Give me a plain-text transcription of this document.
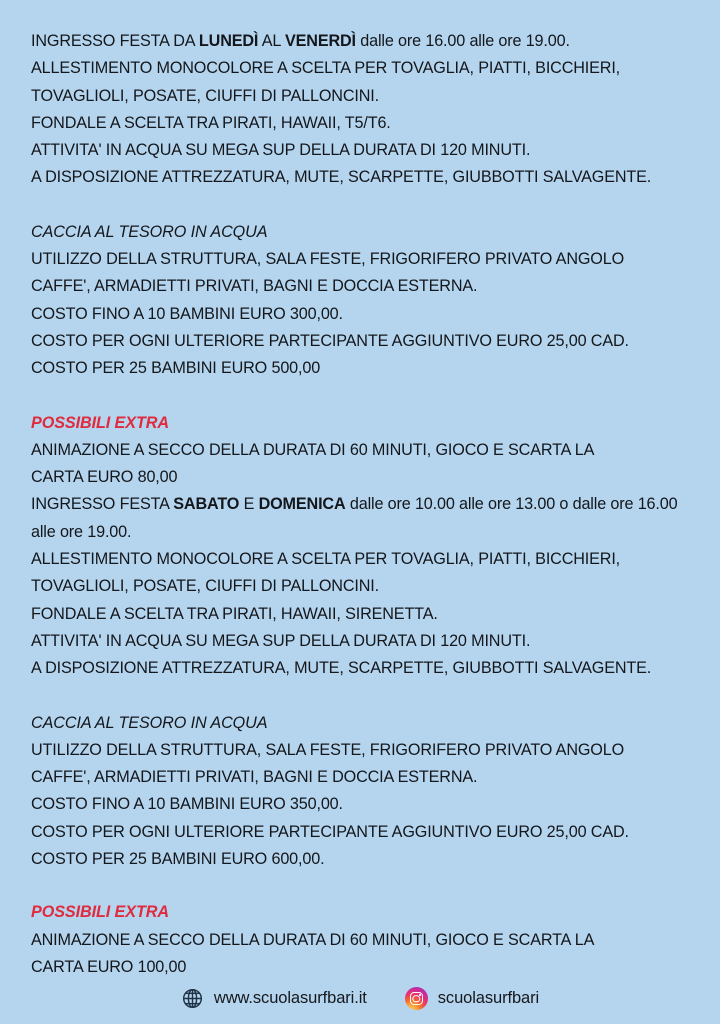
INGRESSO FESTA DA LUNEDÌ AL VENERDÌ dalle ore 16.00 alle ore 19.00.
ALLESTIMENTO MONOCOLORE A SCELTA PER TOVAGLIA, PIATTI, BICCHIERI,
TOVAGLIOLI, POSATE, CIUFFI DI PALLONCINI.
FONDALE A SCELTA TRA PIRATI, HAWAII, T5/T6.
ATTIVITA' IN ACQUA SU MEGA SUP DELLA DURATA DI 120 MINUTI.
A DISPOSIZIONE ATTREZZATURA, MUTE, SCARPETTE, GIUBBOTTI SALVAGENTE.
CACCIA AL TESORO IN ACQUA
UTILIZZO DELLA STRUTTURA, SALA FESTE, FRIGORIFERO PRIVATO ANGOLO
CAFFE', ARMADIETTI PRIVATI, BAGNI E DOCCIA ESTERNA.
COSTO FINO A 10 BAMBINI EURO 300,00.
COSTO PER OGNI ULTERIORE PARTECIPANTE AGGIUNTIVO EURO 25,00 CAD.
COSTO PER 25 BAMBINI EURO 500,00
POSSIBILI EXTRA
ANIMAZIONE A SECCO DELLA DURATA DI 60 MINUTI, GIOCO E SCARTA LA
CARTA EURO 80,00
INGRESSO FESTA SABATO E DOMENICA dalle ore 10.00 alle ore 13.00 o dalle ore 16.00 alle ore 19.00.
ALLESTIMENTO MONOCOLORE A SCELTA PER TOVAGLIA, PIATTI, BICCHIERI,
TOVAGLIOLI, POSATE, CIUFFI DI PALLONCINI.
FONDALE A SCELTA TRA PIRATI, HAWAII, SIRENETTA.
ATTIVITA' IN ACQUA SU MEGA SUP DELLA DURATA DI 120 MINUTI.
A DISPOSIZIONE ATTREZZATURA, MUTE, SCARPETTE, GIUBBOTTI SALVAGENTE.
CACCIA AL TESORO IN ACQUA
UTILIZZO DELLA STRUTTURA, SALA FESTE, FRIGORIFERO PRIVATO ANGOLO
CAFFE', ARMADIETTI PRIVATI, BAGNI E DOCCIA ESTERNA.
COSTO FINO A 10 BAMBINI EURO 350,00.
COSTO PER OGNI ULTERIORE PARTECIPANTE AGGIUNTIVO EURO 25,00 CAD.
COSTO PER 25 BAMBINI EURO 600,00.
POSSIBILI EXTRA
ANIMAZIONE A SECCO DELLA DURATA DI 60 MINUTI, GIOCO E SCARTA LA
CARTA EURO 100,00
www.scuolasurfbari.it	scuolasurfbari
